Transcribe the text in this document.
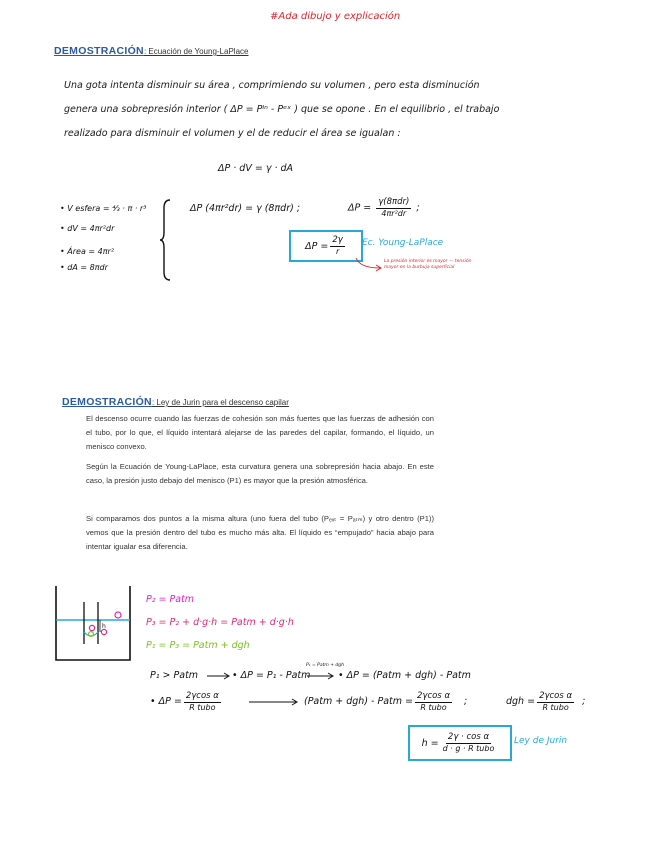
#Ada dibujo y explicación
DEMOSTRACIÓN: Ecuación de Young-LaPlace
Una gota intenta disminuir su área , comprimiendo su volumen , pero esta disminución
genera una sobrepresión interior ( ΔP = Pᴵⁿ - Pᵉˣ ) que se opone . En el equilibrio , el trabajo
realizado para disminuir el volumen y el de reducir el área se igualan :
ΔP · dV = γ · dA
• V esfera = ⁴⁄₃ · π · r³
• dV = 4πr²dr
• Área = 4πr²
• dA = 8πdr
ΔP (4πr²dr) = γ (8πdr) ;	$\Delta P = \frac{\text{γ(8πdr)}}{\text{4πr²dr}}$ ;
$\Delta P = \frac{2\gamma}{r} Ec$. Young-LaPlace
La presión interior es mayor — tensión mayor en la burbuja superficial
DEMOSTRACIÓN: Ley de Jurin para el descenso capilar
El descenso ocurre cuando las fuerzas de cohesión son más fuertes que las fuerzas de adhesión con el tubo, por lo que, el líquido intentará alejarse de las paredes del capilar, formando, el líquido, un menisco convexo.
Según la Ecuación de Young-LaPlace, esta curvatura genera una sobrepresión hacia abajo. En este caso, la presión justo debajo del menisco (P1) es mayor que la presión atmosférica.
Si comparamos dos puntos a la misma altura (uno fuera del tubo (Pₑₓₜ = Pₐₜₘ) y otro dentro (P1)) vemos que la presión dentro del tubo es mucho más alta. El líquido es “empujado” hacia abajo para intentar igualar esa diferencia.
h
P₂ = Patm
P₃ = P₂ + d·g·h = Patm + d·g·h
P₁ = P₃ = Patm + dgh
P₁ > Patm	• ΔP = P₁ - Patm
P₁ = Patm + dgh
• ΔP = (Patm + dgh) - Patm
• $\Delta P = \frac{\text{2γcos α}}{\text{R tubo}}$	(Patm + dgh) - Patm = $\frac{\text{2γcos α}}{\text{R tubo}}$ ;	dgh = $\frac{\text{2γcos α}}{\text{R tubo}}$ ;
$h = \frac{\text{2γ · cos α}}{\text{d · g · R tubo}}$ Ley de Jurin
